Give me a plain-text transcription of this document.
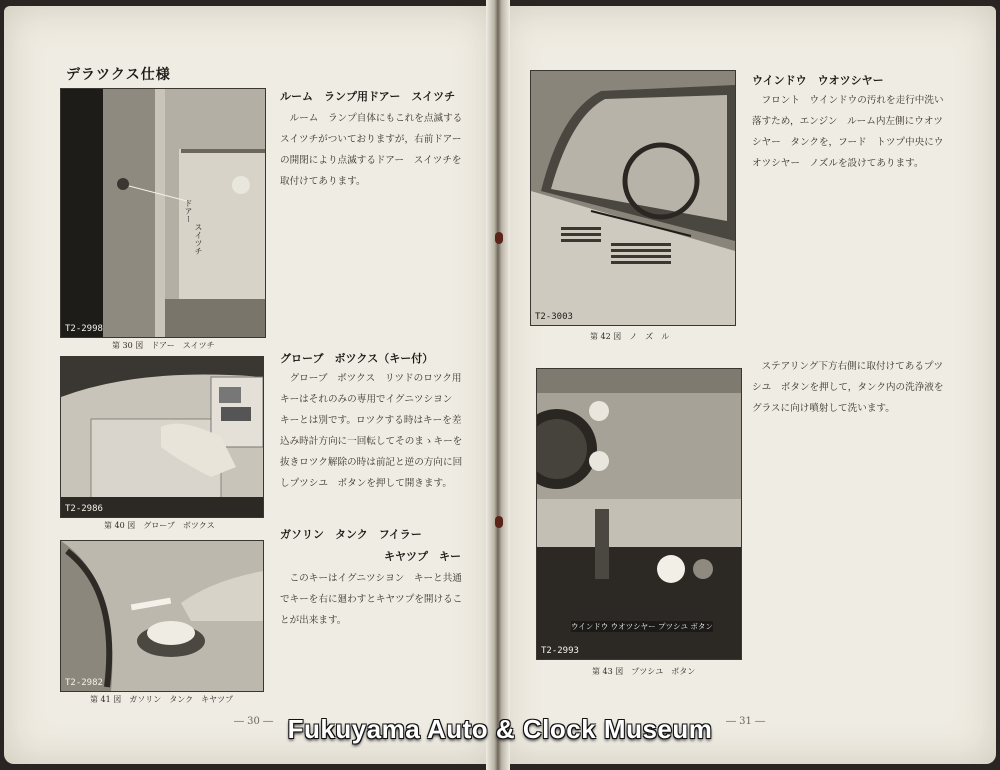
デラツクス仕様
ドアー
スイツチ
T2-2998
第 30 図　ドアー　スイツチ
ルーム　ランプ用ドアー　スイツチ

ルーム　ランプ自体にもこれを点滅するスイツチがついておりますが，右前ドアーの開閉により点滅するドアー　スイツチを取付けてあります。

T2-2986
第 40 図　グローブ　ボツクス
グローブ　ボツクス（キー付）

グローブ　ボツクス　リツドのロツク用キーはそれのみの専用でイグニツシヨン　キーとは別です。ロツクする時はキーを差込み時計方向に一回転してそのまゝキーを抜きロツク解除の時は前記と逆の方向に回しプツシユ　ボタンを押して開きます。

T2-2982
第 41 図　ガソリン　タンク　キヤツプ
ガソリン　タンク　フイラー
キヤツプ　キー

このキーはイグニツシヨン　キーと共通でキーを右に廻わすとキヤツプを開けることが出来ます。

― 30 ―
T2-3003
第 42 図　ノ　ズ　ル
ウインドウ　ウオツシヤー

フロント　ウインドウの汚れを走行中洗い落すため，エンジン　ルーム内左側にウオツシヤー　タンクを，フード　トツプ中央にウオツシヤー　ノズルを設けてあります。

ウインドウ ウオツシヤー プツシユ ボタン
T2-2993
第 43 図　プツシユ　ボタン

ステアリング下方右側に取付けてあるプツシユ　ボタンを押して，タンク内の洗浄液をグラスに向け噴射して洗います。

― 31 ―
Fukuyama Auto & Clock Museum
